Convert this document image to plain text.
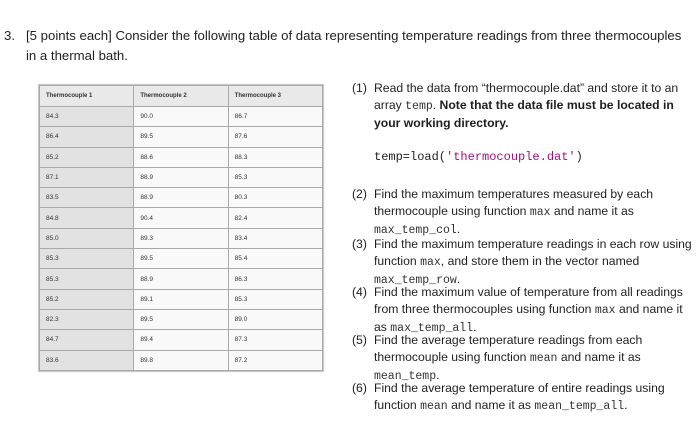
3. [5 points each] Consider the following table of data representing temperature readings from three thermocouples in a thermal bath.
Thermocouple 1	Thermocouple 2	Thermocouple 3
84.3	90.0	86.7
86.4	89.5	87.6
85.2	88.6	88.3
87.1	88.9	85.3
83.5	88.9	80.3
84.8	90.4	82.4
85.0	89.3	83.4
85.3	89.5	85.4
85.3	88.9	86.3
85.2	89.1	85.3
82.3	89.5	89.0
84.7	89.4	87.3
83.6	89.8	87.2
(1) Read the data from “thermocouple.dat” and store it to an array temp. Note that the data file must be located in your working directory.
(2) Find the maximum temperatures measured by each thermocouple using function max and name it as max_temp_col.
(3) Find the maximum temperature readings in each row using function max, and store them in the vector named max_temp_row.
(4) Find the maximum value of temperature from all readings from three thermocouples using function max and name it as max_temp_all.
(5) Find the average temperature readings from each thermocouple using function mean and name it as mean_temp.
(6) Find the average temperature of entire readings using function mean and name it as mean_temp_all.
temp=load('thermocouple.dat')
